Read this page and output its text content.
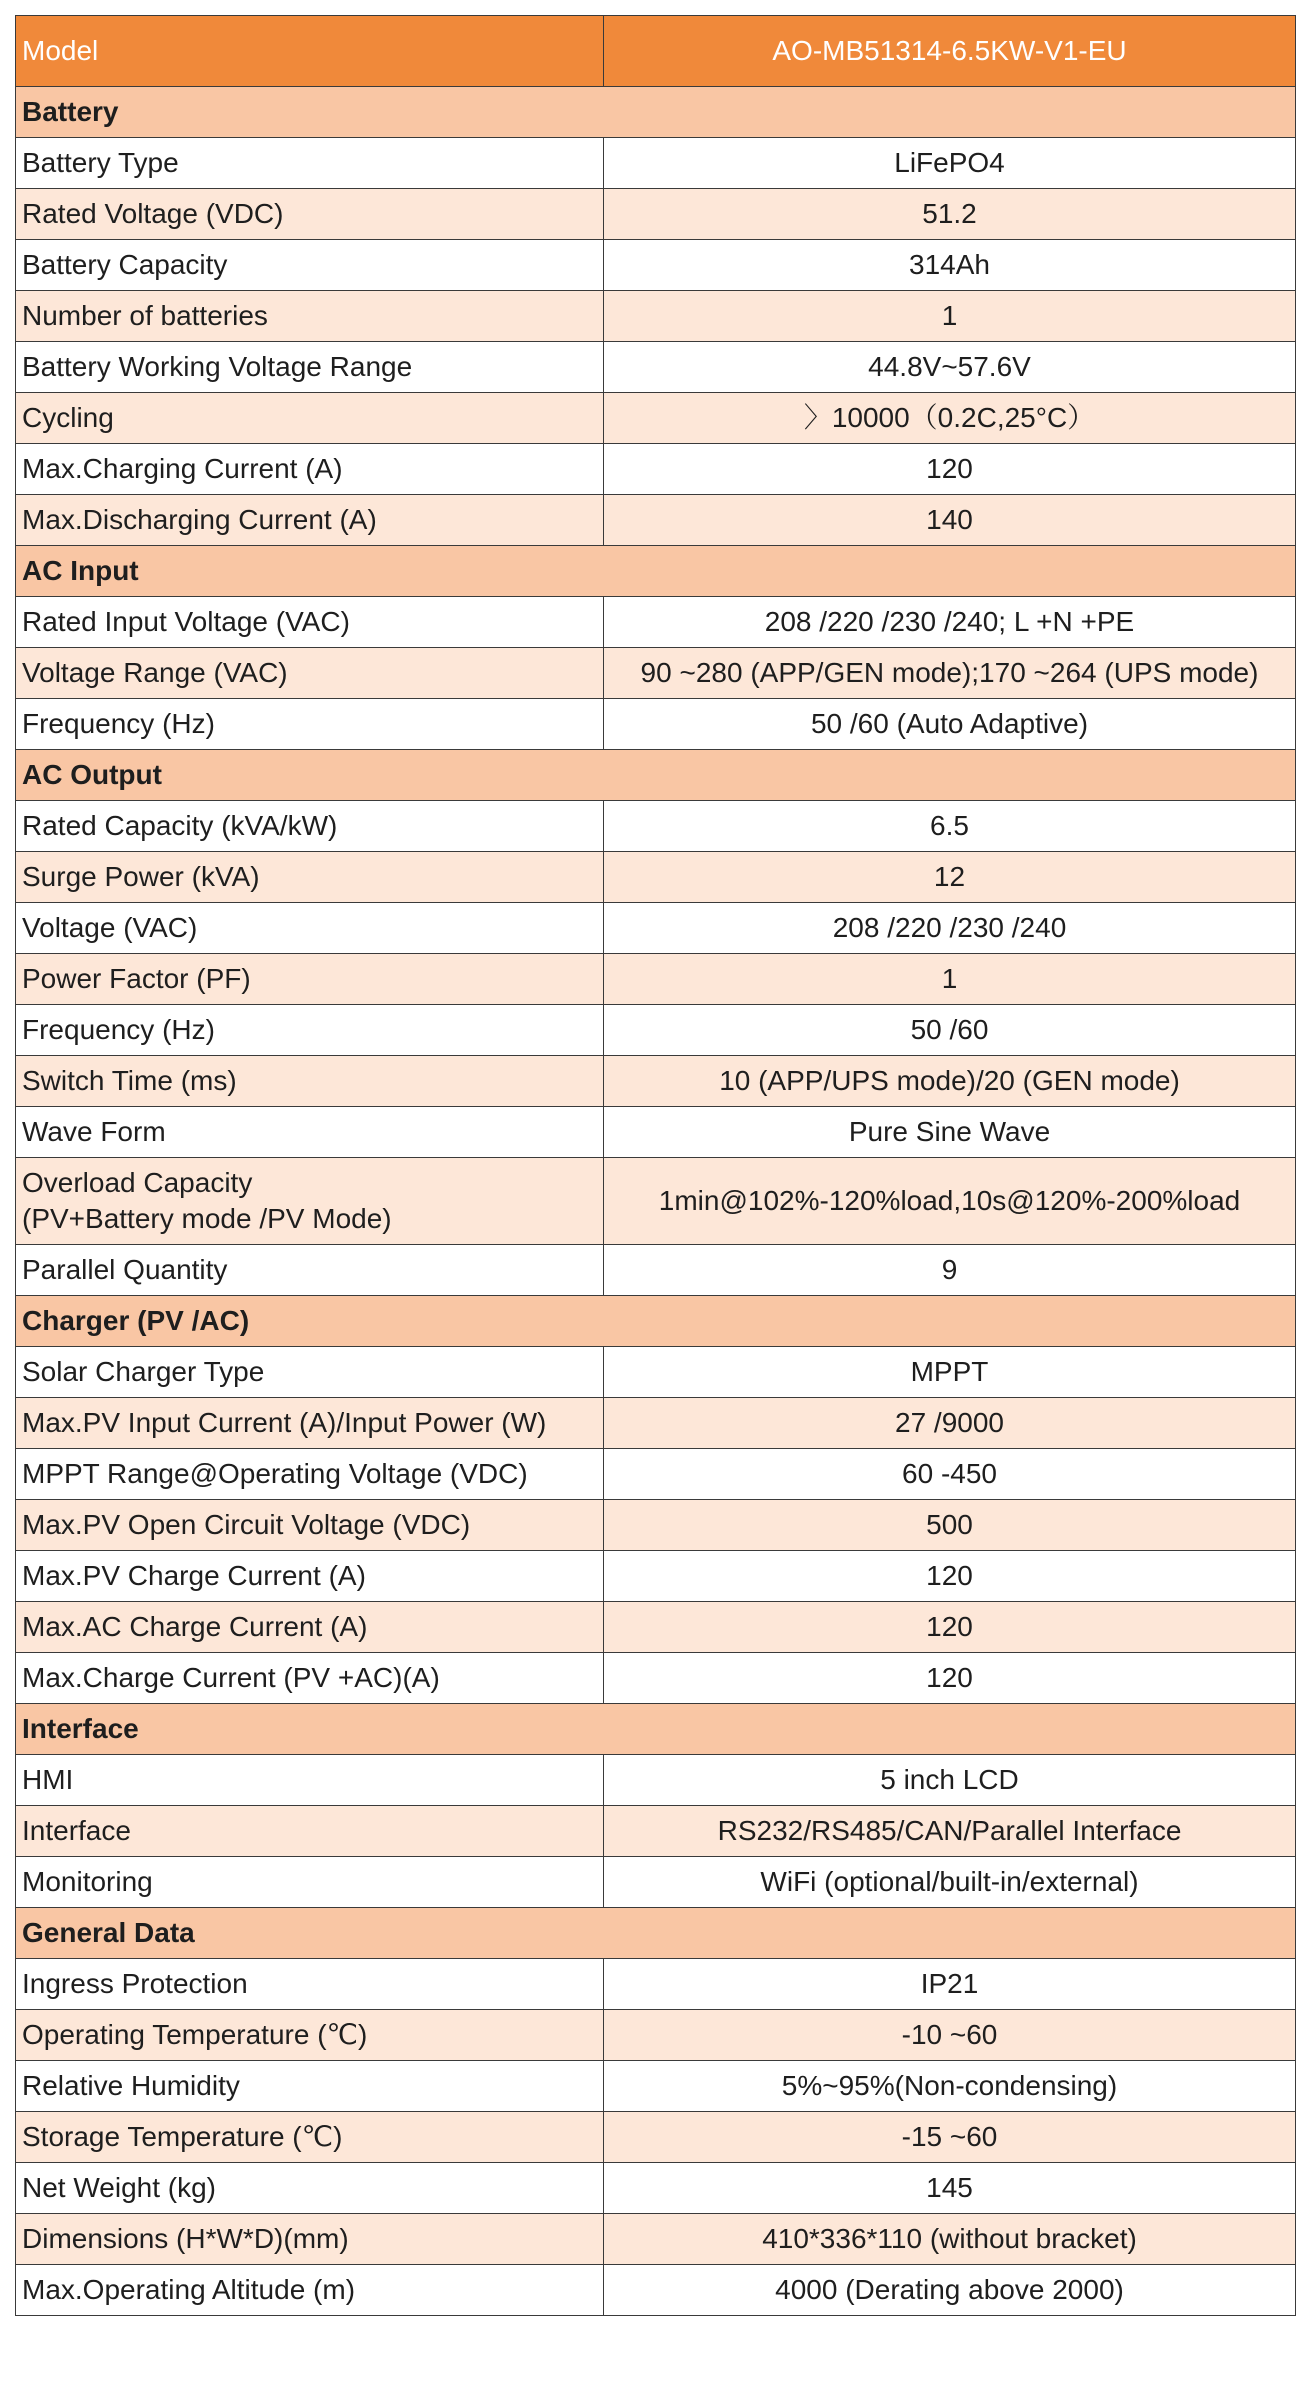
Model	AO-MB51314-6.5KW-V1-EU
Battery	
Battery Type	LiFePO4
Rated Voltage (VDC)	51.2
Battery Capacity	314Ah
Number of batteries	1
Battery Working Voltage Range	44.8V~57.6V
Cycling	〉10000（0.2C,25°C）
Max.Charging Current (A)	120
Max.Discharging Current (A)	140
AC Input	
Rated Input Voltage (VAC)	208 /220 /230 /240; L +N +PE
Voltage Range (VAC)	90 ~280 (APP/GEN mode);170 ~264 (UPS mode)
Frequency (Hz)	50 /60 (Auto Adaptive)
AC Output	
Rated Capacity (kVA/kW)	6.5
Surge Power (kVA)	12
Voltage (VAC)	208 /220 /230 /240
Power Factor (PF)	1
Frequency (Hz)	50 /60
Switch Time (ms)	10 (APP/UPS mode)/20 (GEN mode)
Wave Form	Pure Sine Wave
Overload Capacity
(PV+Battery mode /PV Mode)	1min@102%-120%load,10s@120%-200%load
Parallel Quantity	9
Charger (PV /AC)	
Solar Charger Type	MPPT
Max.PV Input Current (A)/Input Power (W)	27 /9000
MPPT Range@Operating Voltage (VDC)	60 -450
Max.PV Open Circuit Voltage (VDC)	500
Max.PV Charge Current (A)	120
Max.AC Charge Current (A)	120
Max.Charge Current (PV +AC)(A)	120
Interface	
HMI	5 inch LCD
Interface	RS232/RS485/CAN/Parallel Interface
Monitoring	WiFi (optional/built-in/external)
General Data	
Ingress Protection	IP21
Operating Temperature (℃)	-10 ~60
Relative Humidity	5%~95%(Non-condensing)
Storage Temperature (℃)	-15 ~60
Net Weight (kg)	145
Dimensions (H*W*D)(mm)	410*336*110 (without bracket)
Max.Operating Altitude (m)	4000 (Derating above 2000)
